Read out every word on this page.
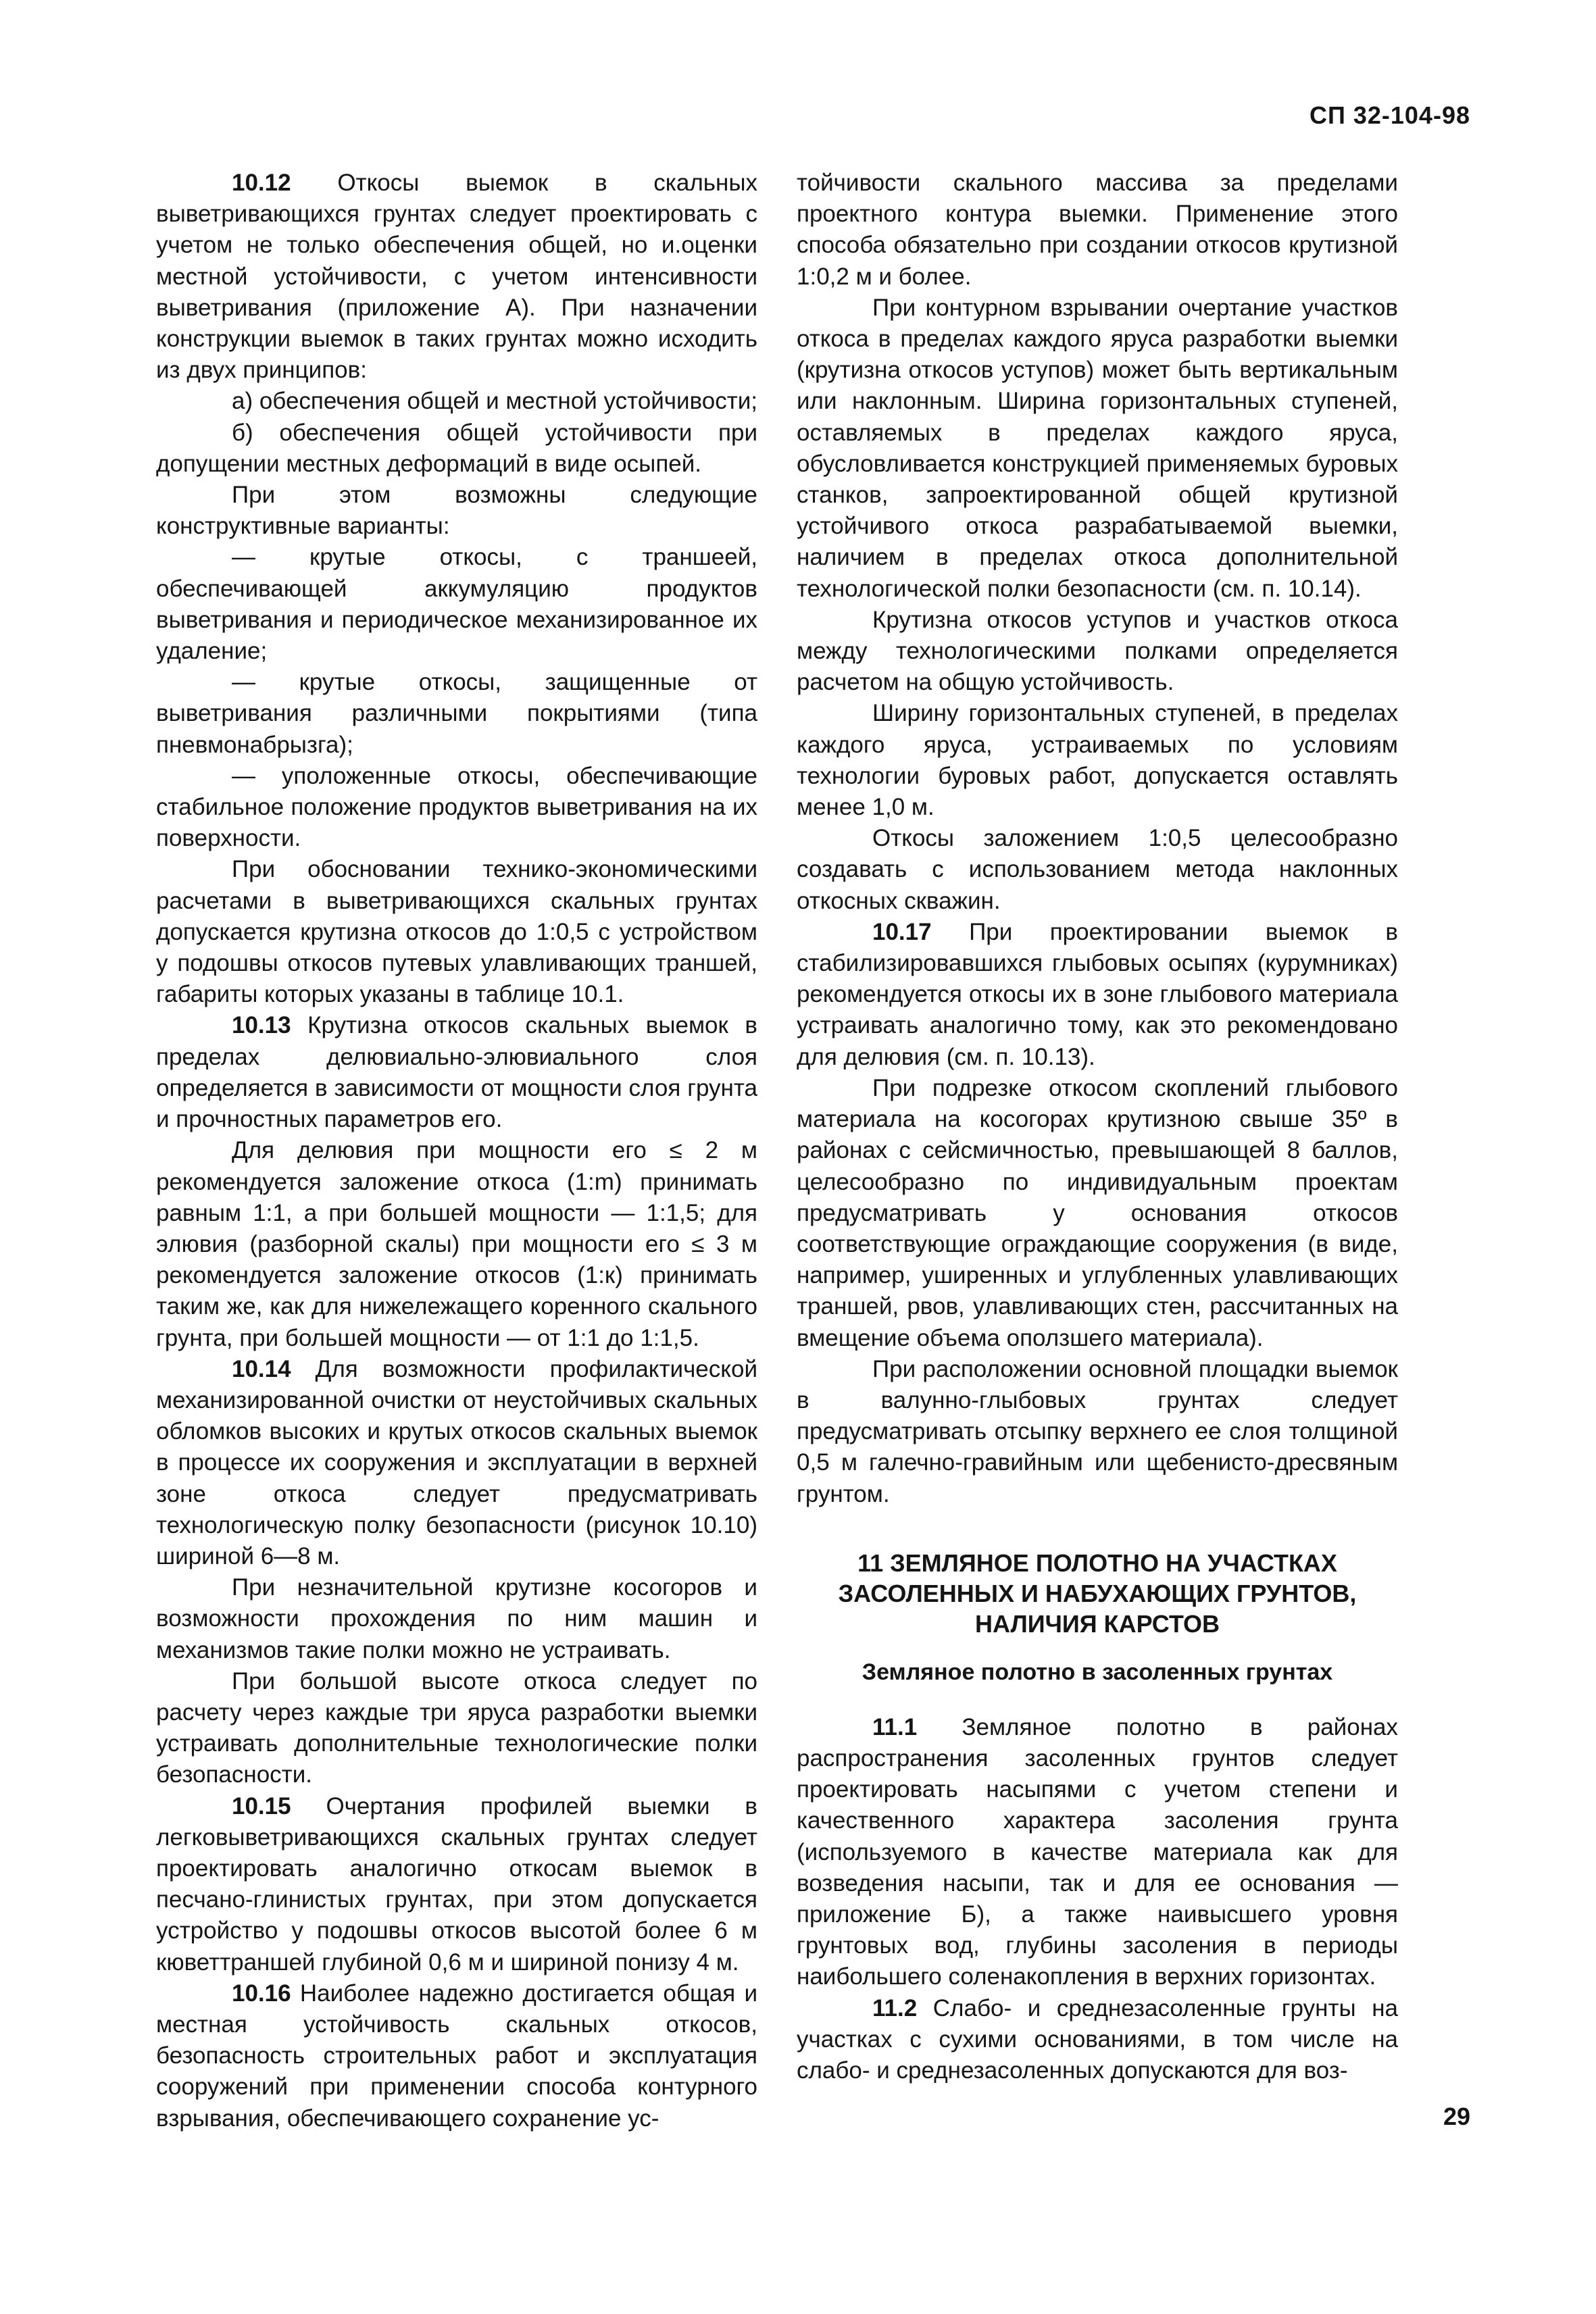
СП 32-104-98

10.12 Откосы выемок в скальных выветривающихся грунтах следует проектировать с учетом не только обеспечения общей, но и.оценки местной устойчивости, с учетом интенсивности выветривания (приложение А). При назначении конструкции выемок в таких грунтах можно исходить из двух принципов:

а) обеспечения общей и местной устойчивости;

б) обеспечения общей устойчивости при допущении местных деформаций в виде осыпей.

При этом возможны следующие конструктивные варианты:

— крутые откосы, с траншеей, обеспечивающей аккумуляцию продуктов выветривания и периодическое механизированное их удаление;

— крутые откосы, защищенные от выветривания различными покрытиями (типа пневмонабрызга);

— уположенные откосы, обеспечивающие стабильное положение продуктов выветривания на их поверхности.

При обосновании технико-экономическими расчетами в выветривающихся скальных грунтах допускается крутизна откосов до 1:0,5 с устройством у подошвы откосов путевых улавливающих траншей, габариты которых указаны в таблице 10.1.

10.13 Крутизна откосов скальных выемок в пределах делювиально-элювиального слоя определяется в зависимости от мощности слоя грунта и прочностных параметров его.

Для делювия при мощности его ≤ 2 м рекомендуется заложение откоса (1:m) принимать равным 1:1, а при большей мощности — 1:1,5; для элювия (разборной скалы) при мощности его ≤ 3 м рекомендуется заложение откосов (1:к) принимать таким же, как для нижележащего коренного скального грунта, при большей мощности — от 1:1 до 1:1,5.

10.14 Для возможности профилактической механизированной очистки от неустойчивых скальных обломков высоких и крутых откосов скальных выемок в процессе их сооружения и эксплуатации в верхней зоне откоса следует предусматривать технологическую полку безопасности (рисунок 10.10) шириной 6—8 м.

При незначительной крутизне косогоров и возможности прохождения по ним машин и механизмов такие полки можно не устраивать.

При большой высоте откоса следует по расчету через каждые три яруса разработки выемки устраивать дополнительные технологические полки безопасности.

10.15 Очертания профилей выемки в легковыветривающихся скальных грунтах следует проектировать аналогично откосам выемок в песчано-глинистых грунтах, при этом допускается устройство у подошвы откосов высотой более 6 м кюветтраншей глубиной 0,6 м и шириной понизу 4 м.

10.16 Наиболее надежно достигается общая и местная устойчивость скальных откосов, безопасность строительных работ и эксплуатация сооружений при применении способа контурного взрывания, обеспечивающего сохранение ус-

тойчивости скального массива за пределами проектного контура выемки. Применение этого способа обязательно при создании откосов крутизной 1:0,2 м и более.

При контурном взрывании очертание участков откоса в пределах каждого яруса разработки выемки (крутизна откосов уступов) может быть вертикальным или наклонным. Ширина горизонтальных ступеней, оставляемых в пределах каждого яруса, обусловливается конструкцией применяемых буровых станков, запроектированной общей крутизной устойчивого откоса разрабатываемой выемки, наличием в пределах откоса дополнительной технологической полки безопасности (см. п. 10.14).

Крутизна откосов уступов и участков откоса между технологическими полками определяется расчетом на общую устойчивость.

Ширину горизонтальных ступеней, в пределах каждого яруса, устраиваемых по условиям технологии буровых работ, допускается оставлять менее 1,0 м.

Откосы заложением 1:0,5 целесообразно создавать с использованием метода наклонных откосных скважин.

10.17 При проектировании выемок в стабилизировавшихся глыбовых осыпях (курумниках) рекомендуется откосы их в зоне глыбового материала устраивать аналогично тому, как это рекомендовано для делювия (см. п. 10.13).

При подрезке откосом скоплений глыбового материала на косогорах крутизною свыше 35º в районах с сейсмичностью, превышающей 8 баллов, целесообразно по индивидуальным проектам предусматривать у основания откосов соответствующие ограждающие сооружения (в виде, например, уширенных и углубленных улавливающих траншей, рвов, улавливающих стен, рассчитанных на вмещение объема оползшего материала).

При расположении основной площадки выемок в валунно-глыбовых грунтах следует предусматривать отсыпку верхнего ее слоя толщиной 0,5 м галечно-гравийным или щебенисто-дресвяным грунтом.

11 ЗЕМЛЯНОЕ ПОЛОТНО НА УЧАСТКАХ ЗАСОЛЕННЫХ И НАБУХАЮЩИХ ГРУНТОВ, НАЛИЧИЯ КАРСТОВ

Земляное полотно в засоленных грунтах

11.1 Земляное полотно в районах распространения засоленных грунтов следует проектировать насыпями с учетом степени и качественного характера засоления грунта (используемого в качестве материала как для возведения насыпи, так и для ее основания — приложение Б), а также наивысшего уровня грунтовых вод, глубины засоления в периоды наибольшего соленакопления в верхних горизонтах.

11.2 Слабо- и среднезасоленные грунты на участках с сухими основаниями, в том числе на слабо- и среднезасоленных допускаются для воз-

29
